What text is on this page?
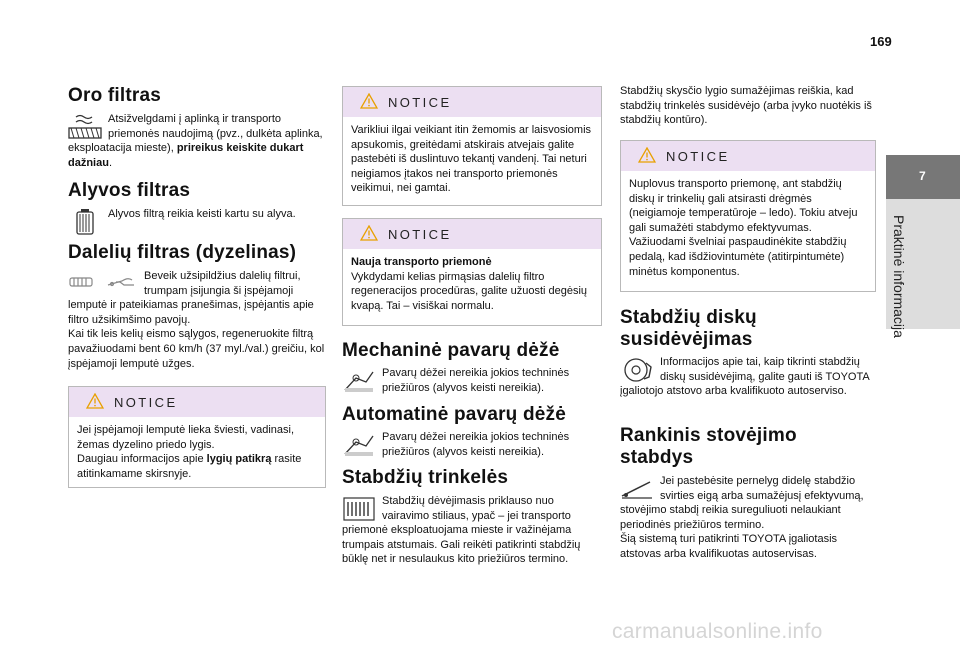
169
Oro filtras

Atsižvelgdami į aplinką ir transporto priemonės naudojimą (pvz., dulkėta aplinka, eksploatacija mieste), prireikus keiskite dukart dažniau.

Alyvos filtras

Alyvos filtrą reikia keisti kartu su alyva.

Dalelių filtras (dyzelinas)

Beveik užsipildžius dalelių filtrui, trumpam įsijungia ši įspėjamoji lemputė ir pateikiamas pranešimas, įspėjantis apie filtro užsikimšimo pavojų.

Kai tik leis kelių eismo sąlygos, regeneruokite filtrą pavažiuodami bent 60 km/h (37 myl./val.) greičiu, kol įspėjamoji lemputė užges.

NOTICE

Jei įspėjamoji lemputė lieka šviesti, vadinasi, žemas dyzelino priedo lygis.

Daugiau informacijos apie lygių patikrą rasite atitinkamame skirsnyje.

NOTICE

Varikliui ilgai veikiant itin žemomis ar laisvosiomis apsukomis, greitėdami atskirais atvejais galite pastebėti iš duslintuvo tekantį vandenį. Tai neturi neigiamos įtakos nei transporto priemonės veikimui, nei gamtai.

NOTICE

Nauja transporto priemonė

Vykdydami kelias pirmąsias dalelių filtro regeneracijos procedūras, galite užuosti degėsių kvapą. Tai – visiškai normalu.

Mechaninė pavarų dėžė

Pavarų dėžei nereikia jokios techninės priežiūros (alyvos keisti nereikia).

Automatinė pavarų dėžė

Pavarų dėžei nereikia jokios techninės priežiūros (alyvos keisti nereikia).

Stabdžių trinkelės

Stabdžių dėvėjimasis priklauso nuo vairavimo stiliaus, ypač – jei transporto priemonė eksploatuojama mieste ir važinėjama trumpais atstumais. Gali reikėti patikrinti stabdžių būklę net ir nesulaukus kito priežiūros termino.

Stabdžių skysčio lygio sumažėjimas reiškia, kad stabdžių trinkelės susidėvėjo (arba įvyko nuotėkis iš stabdžių kontūro).

NOTICE

Nuplovus transporto priemonę, ant stabdžių diskų ir trinkelių gali atsirasti drėgmės (neigiamoje temperatūroje – ledo). Tokiu atveju gali sumažėti stabdymo efektyvumas.

Važiuodami švelniai paspaudinėkite stabdžių pedalą, kad išdžiovintumėte (atitirpintumėte) minėtus komponentus.

Stabdžių diskų
susidėvėjimas

Informacijos apie tai, kaip tikrinti stabdžių diskų susidėvėjimą, galite gauti iš TOYOTA įgaliotojo atstovo arba kvalifikuoto autoserviso.

Rankinis stovėjimo stabdys

Jei pastebėsite pernelyg didelę stabdžio svirties eigą arba sumažėjusį efektyvumą, stovėjimo stabdį reikia sureguliuoti nelaukiant periodinės priežiūros termino.

Šią sistemą turi patikrinti TOYOTA įgaliotasis atstovas arba kvalifikuotas autoservisas.

7
Praktinė informacija
carmanualsonline.info
